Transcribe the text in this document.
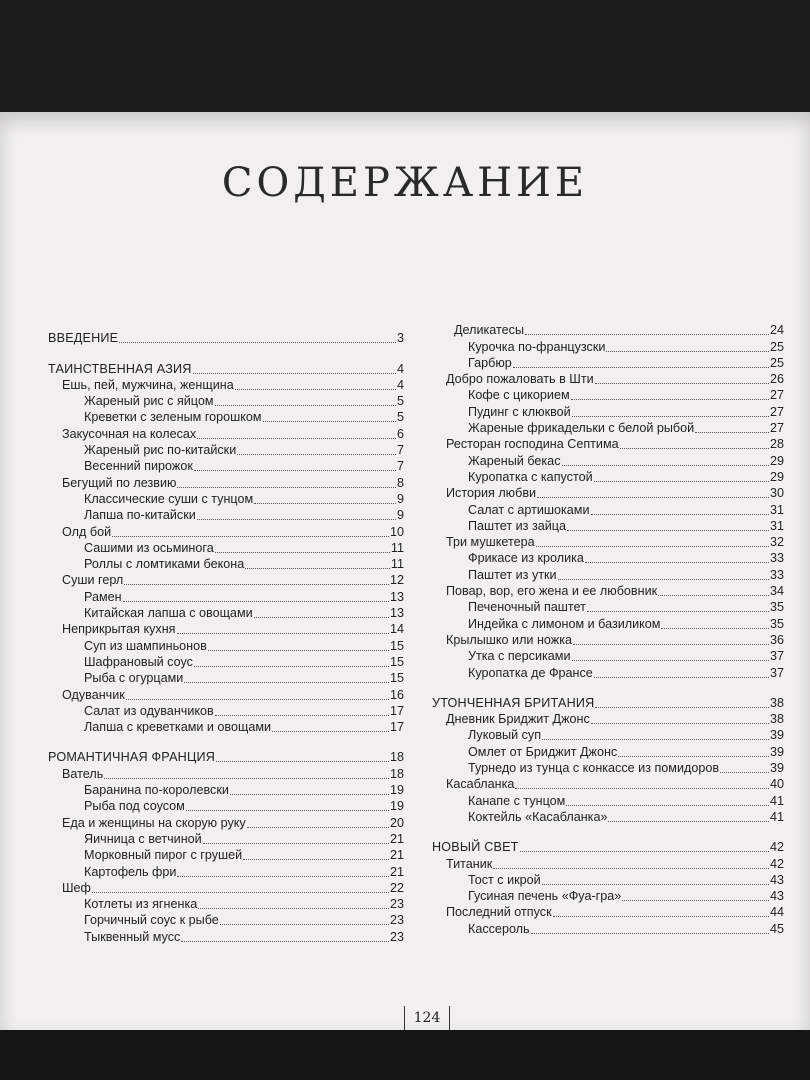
СОДЕРЖАНИЕ
ВВЕДЕНИЕ	3
ТАИНСТВЕННАЯ АЗИЯ	4
Ешь, пей, мужчина, женщина	4
Жареный рис с яйцом	5
Креветки с зеленым горошком	5
Закусочная на колесах	6
Жареный рис по-китайски	7
Весенний пирожок	7
Бегущий по лезвию	8
Классические суши с тунцом	9
Лапша по-китайски	9
Олд бой	10
Сашими из осьминога	11
Роллы с ломтиками бекона	11
Суши герл	12
Рамен	13
Китайская лапша с овощами	13
Неприкрытая кухня	14
Суп из шампиньонов	15
Шафрановый соус	15
Рыба с огурцами	15
Одуванчик	16
Салат из одуванчиков	17
Лапша с креветками и овощами	17
РОМАНТИЧНАЯ ФРАНЦИЯ	18
Ватель	18
Баранина по-королевски	19
Рыба под соусом	19
Еда и женщины на скорую руку	20
Яичница с ветчиной	21
Морковный пирог с грушей	21
Картофель фри	21
Шеф	22
Котлеты из ягненка	23
Горчичный соус к рыбе	23
Тыквенный мусс	23
Деликатесы	24
Курочка по-французски	25
Гарбюр	25
Добро пожаловать в Шти	26
Кофе с цикорием	27
Пудинг с клюквой	27
Жареные фрикадельки с белой рыбой	27
Ресторан господина Септима	28
Жареный бекас	29
Куропатка с капустой	29
История любви	30
Салат с артишоками	31
Паштет из зайца	31
Три мушкетера	32
Фрикасе из кролика	33
Паштет из утки	33
Повар, вор, его жена и ее любовник	34
Печеночный паштет	35
Индейка с лимоном и базиликом	35
Крылышко или ножка	36
Утка с персиками	37
Куропатка де Франсе	37
УТОНЧЕННАЯ БРИТАНИЯ	38
Дневник Бриджит Джонс	38
Луковый суп	39
Омлет от Бриджит Джонс	39
Турнедо из тунца с конкассе из помидоров	39
Касабланка	40
Канапе с тунцом	41
Коктейль «Касабланка»	41
НОВЫЙ СВЕТ	42
Титаник	42
Тост с икрой	43
Гусиная печень «Фуа-гра»	43
Последний отпуск	44
Кассероль	45
124
